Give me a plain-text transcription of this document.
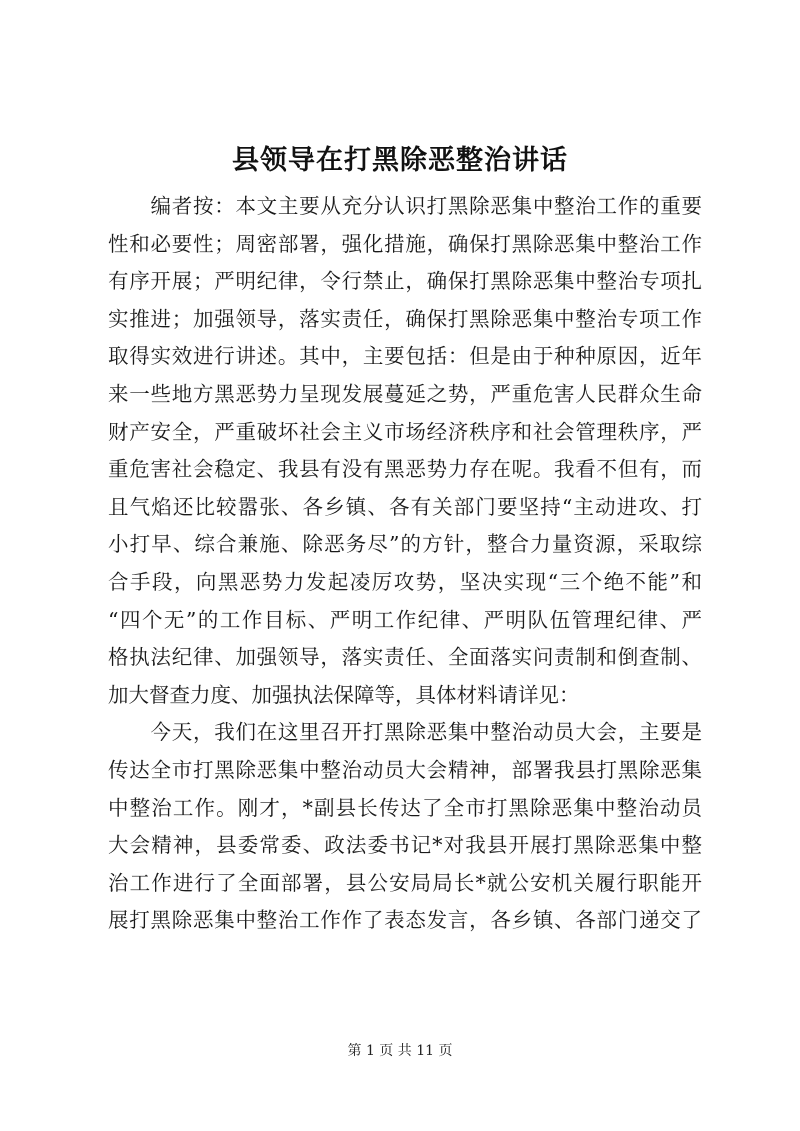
县领导在打黑除恶整治讲话
　　编者按：本文主要从充分认识打黑除恶集中整治工作的重要
性和必要性；周密部署，强化措施，确保打黑除恶集中整治工作
有序开展；严明纪律，令行禁止，确保打黑除恶集中整治专项扎
实推进；加强领导，落实责任，确保打黑除恶集中整治专项工作
取得实效进行讲述。其中，主要包括：但是由于种种原因，近年
来一些地方黑恶势力呈现发展蔓延之势，严重危害人民群众生命
财产安全，严重破坏社会主义市场经济秩序和社会管理秩序，严
重危害社会稳定、我县有没有黑恶势力存在呢。我看不但有，而
且气焰还比较嚣张、各乡镇、各有关部门要坚持“主动进攻、打
小打早、综合兼施、除恶务尽”的方针，整合力量资源，采取综
合手段，向黑恶势力发起凌厉攻势，坚决实现“三个绝不能”和
“四个无”的工作目标、严明工作纪律、严明队伍管理纪律、严
格执法纪律、加强领导，落实责任、全面落实问责制和倒查制、
加大督查力度、加强执法保障等，具体材料请详见：
　　今天，我们在这里召开打黑除恶集中整治动员大会，主要是
传达全市打黑除恶集中整治动员大会精神，部署我县打黑除恶集
中整治工作。刚才，*副县长传达了全市打黑除恶集中整治动员
大会精神，县委常委、政法委书记*对我县开展打黑除恶集中整
治工作进行了全面部署，县公安局局长*就公安机关履行职能开
展打黑除恶集中整治工作作了表态发言，各乡镇、各部门递交了
第 1 页 共 11 页
